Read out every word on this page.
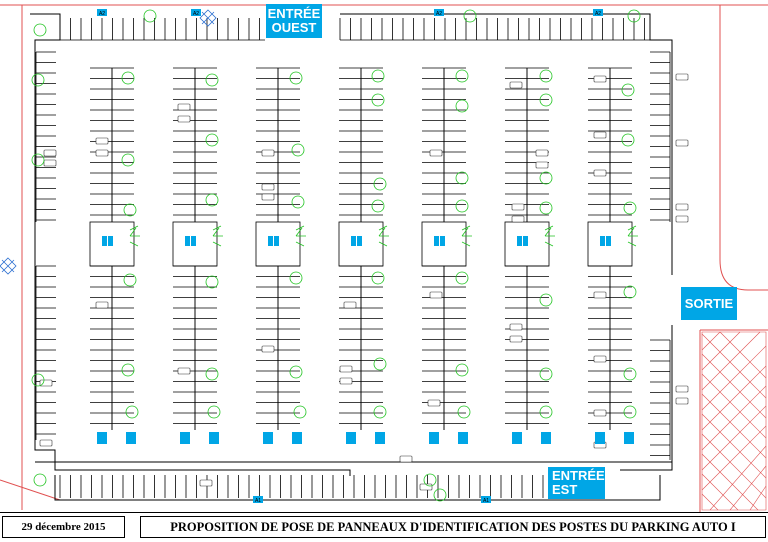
A2	A2	A2	A2
A1	A1
ENTRÉE
OUEST
SORTIE
ENTRÉE
EST
29 décembre 2015	PROPOSITION DE POSE DE PANNEAUX D'IDENTIFICATION DES POSTES DU PARKING AUTO I
